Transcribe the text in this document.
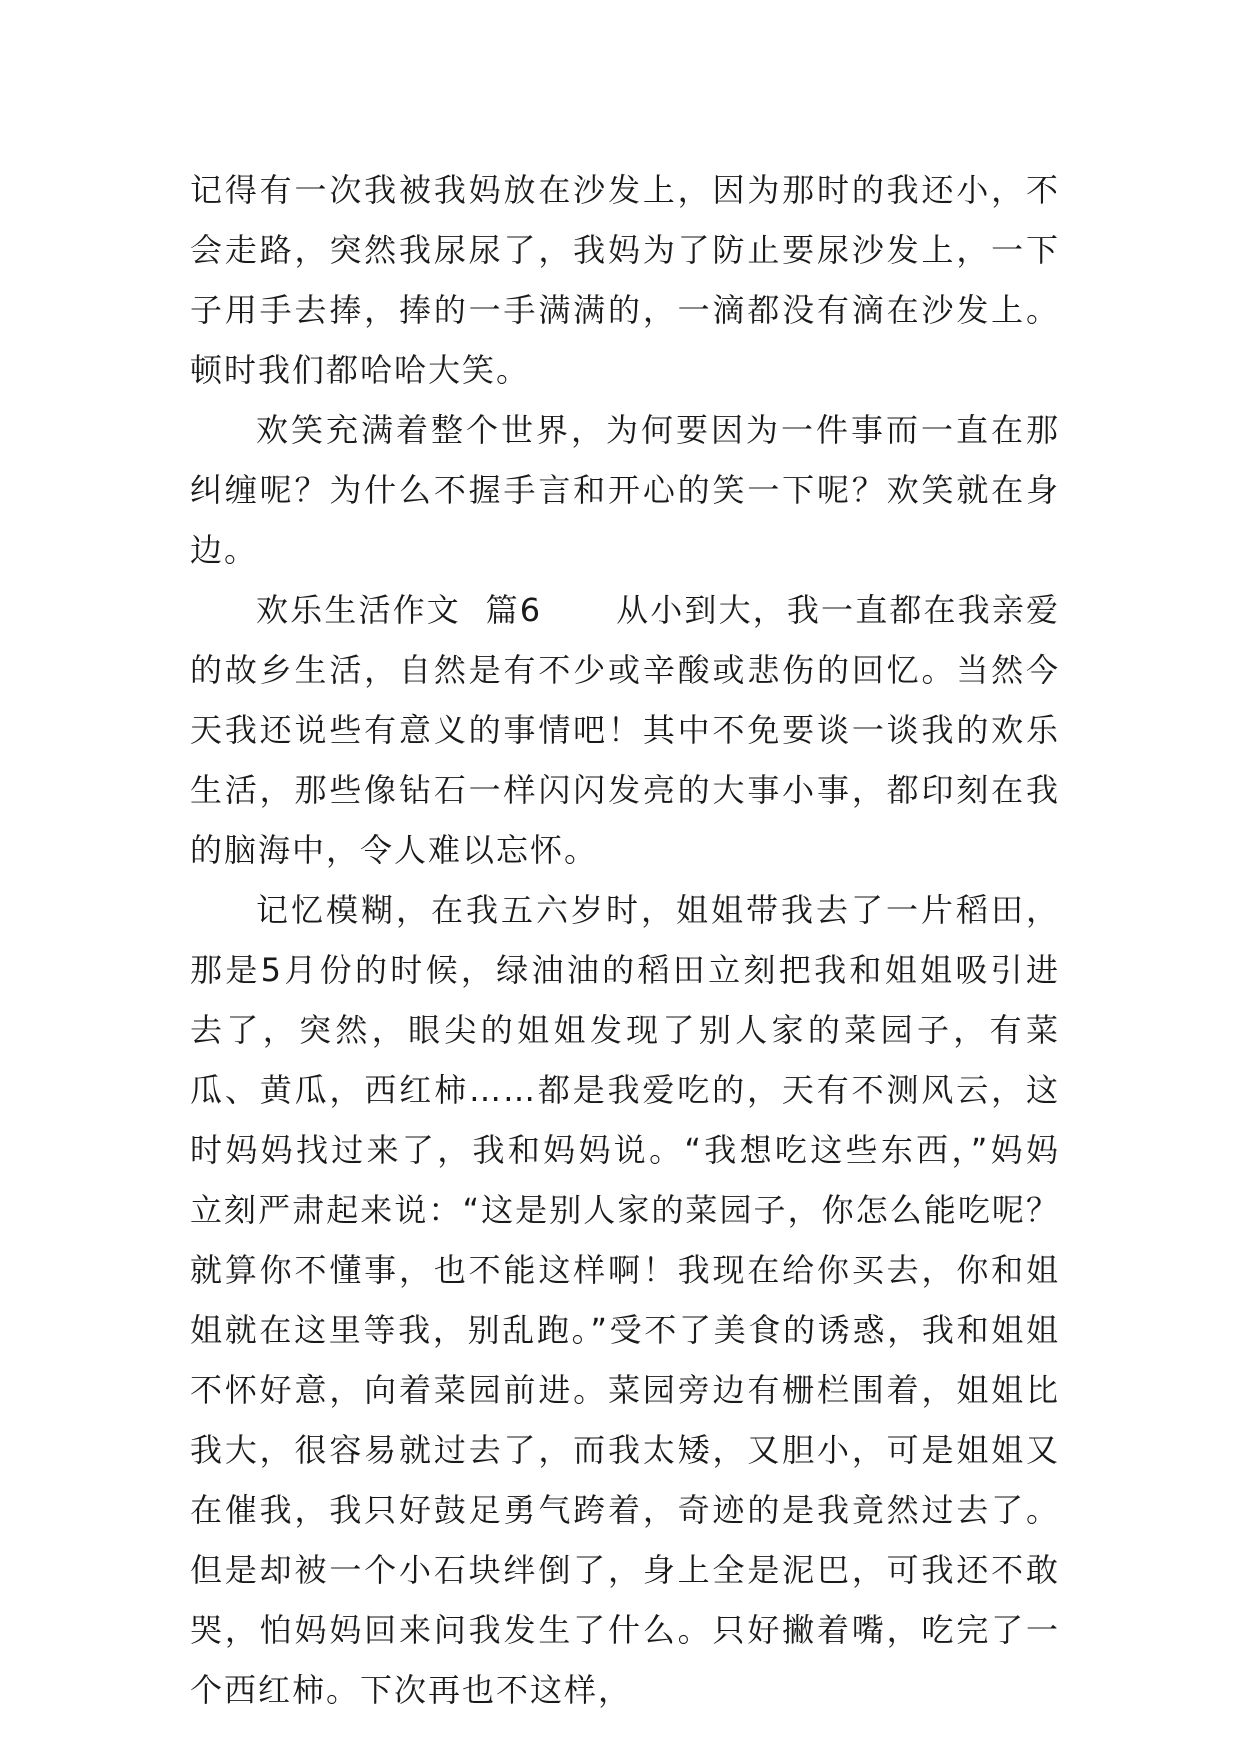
记得有一次我被我妈放在沙发上，因为那时的我还小，不会走路，突然我尿尿了，我妈为了防止要尿沙发上，一下子用手去捧，捧的一手满满的，一滴都没有滴在沙发上。顿时我们都哈哈大笑。

欢笑充满着整个世界，为何要因为一件事而一直在那纠缠呢？为什么不握手言和开心的笑一下呢？欢笑就在身边。

欢乐生活作文  篇6 从小到大，我一直都在我亲爱的故乡生活，自然是有不少或辛酸或悲伤的回忆。当然今天我还说些有意义的事情吧！其中不免要谈一谈我的欢乐生活，那些像钻石一样闪闪发亮的大事小事，都印刻在我的脑海中，令人难以忘怀。

记忆模糊，在我五六岁时，姐姐带我去了一片稻田，那是5月份的时候，绿油油的稻田立刻把我和姐姐吸引进去了，突然，眼尖的姐姐发现了别人家的菜园子，有菜瓜、黄瓜，西红柿……都是我爱吃的，天有不测风云，这时妈妈找过来了，我和妈妈说。“我想吃这些东西，”妈妈立刻严肃起来说：“这是别人家的菜园子，你怎么能吃呢？就算你不懂事，也不能这样啊！我现在给你买去，你和姐姐就在这里等我，别乱跑。”受不了美食的诱惑，我和姐姐不怀好意，向着菜园前进。菜园旁边有栅栏围着，姐姐比我大，很容易就过去了，而我太矮，又胆小，可是姐姐又在催我，我只好鼓足勇气跨着，奇迹的是我竟然过去了。但是却被一个小石块绊倒了，身上全是泥巴，可我还不敢哭，怕妈妈回来问我发生了什么。只好撇着嘴，吃完了一个西红柿。下次再也不这样，
